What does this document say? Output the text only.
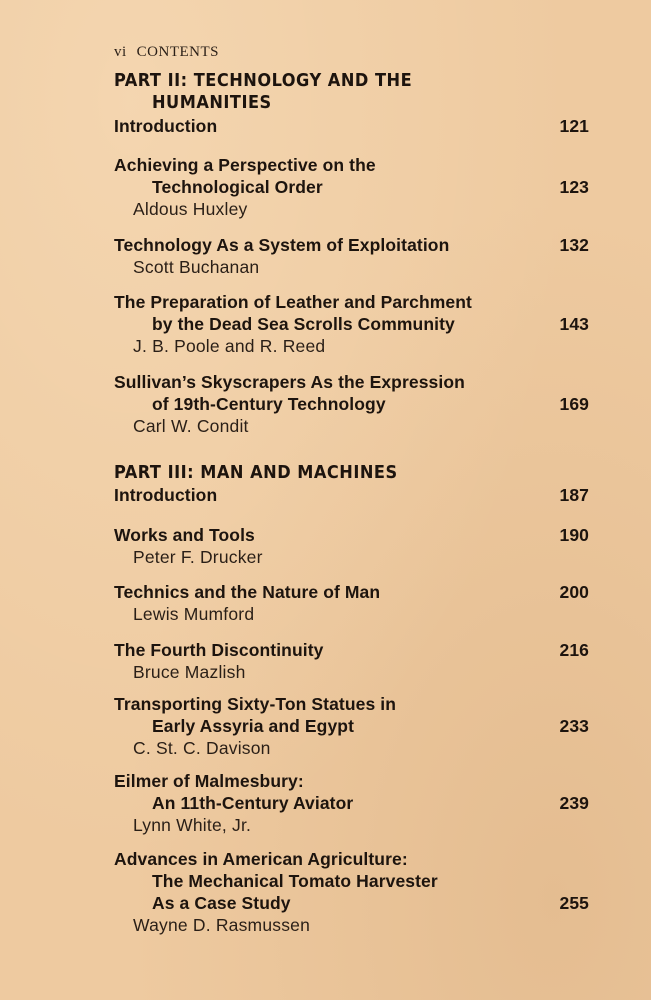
vi CONTENTS
PART II: TECHNOLOGY AND THE
HUMANITIES
Introduction	121
Achieving a Perspective on the
Technological Order	123
Aldous Huxley
Technology As a System of Exploitation	132
Scott Buchanan
The Preparation of Leather and Parchment
by the Dead Sea Scrolls Community	143
J. B. Poole and R. Reed
Sullivan’s Skyscrapers As the Expression
of 19th-Century Technology	169
Carl W. Condit
PART III: MAN AND MACHINES
Introduction	187
Works and Tools	190
Peter F. Drucker
Technics and the Nature of Man	200
Lewis Mumford
The Fourth Discontinuity	216
Bruce Mazlish
Transporting Sixty-Ton Statues in
Early Assyria and Egypt	233
C. St. C. Davison
Eilmer of Malmesbury:
An 11th-Century Aviator	239
Lynn White, Jr.
Advances in American Agriculture:
The Mechanical Tomato Harvester
As a Case Study	255
Wayne D. Rasmussen
